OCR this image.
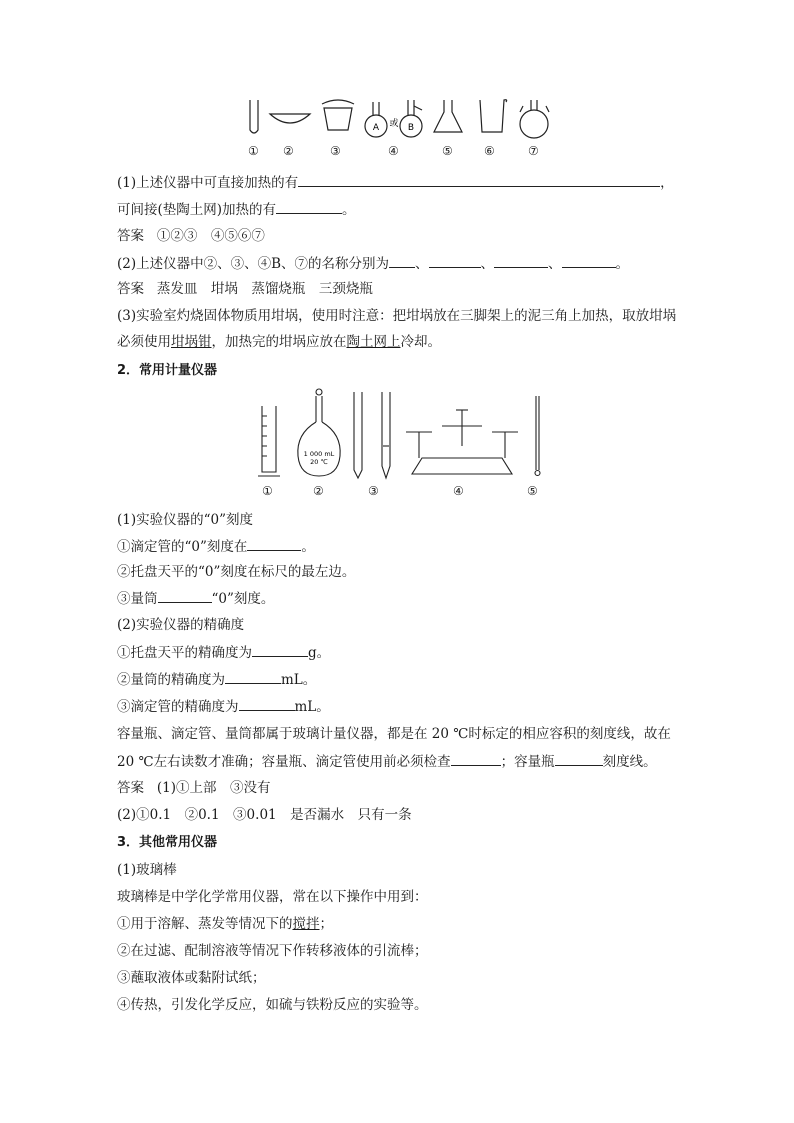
A 或 B
① ②	③	④	⑤	⑥	⑦
(1)上述仪器中可直接加热的有	，
可间接(垫陶土网)加热的有	。
答案 ①②③　④⑤⑥⑦
(2)上述仪器中②、③、④B、⑦的名称分别为 、	、	、	。
答案 蒸发皿　坩埚　蒸馏烧瓶　三颈烧瓶
(3)实验室灼烧固体物质用坩埚，使用时注意：把坩埚放在三脚架上的泥三角上加热，取放坩埚
必须使用坩埚钳，加热完的坩埚应放在陶土网上冷却。
2．常用计量仪器
1 000 mL
20 ℃
①	②	③	④	⑤
(1)实验仪器的“0”刻度
①滴定管的“0”刻度在	。
②托盘天平的“0”刻度在标尺的最左边。
③量筒	“0”刻度。
(2)实验仪器的精确度
①托盘天平的精确度为	g。
②量筒的精确度为	mL。
③滴定管的精确度为	mL。
容量瓶、滴定管、量筒都属于玻璃计量仪器，都是在 20 ℃时标定的相应容积的刻度线，故在
20 ℃左右读数才准确；容量瓶、滴定管使用前必须检查	；容量瓶	刻度线。
答案 (1)①上部　③没有
(2)①0.1　②0.1　③0.01　是否漏水　只有一条
3．其他常用仪器
(1)玻璃棒
玻璃棒是中学化学常用仪器，常在以下操作中用到：
①用于溶解、蒸发等情况下的搅拌；
②在过滤、配制溶液等情况下作转移液体的引流棒；
③蘸取液体或黏附试纸；
④传热，引发化学反应，如硫与铁粉反应的实验等。
